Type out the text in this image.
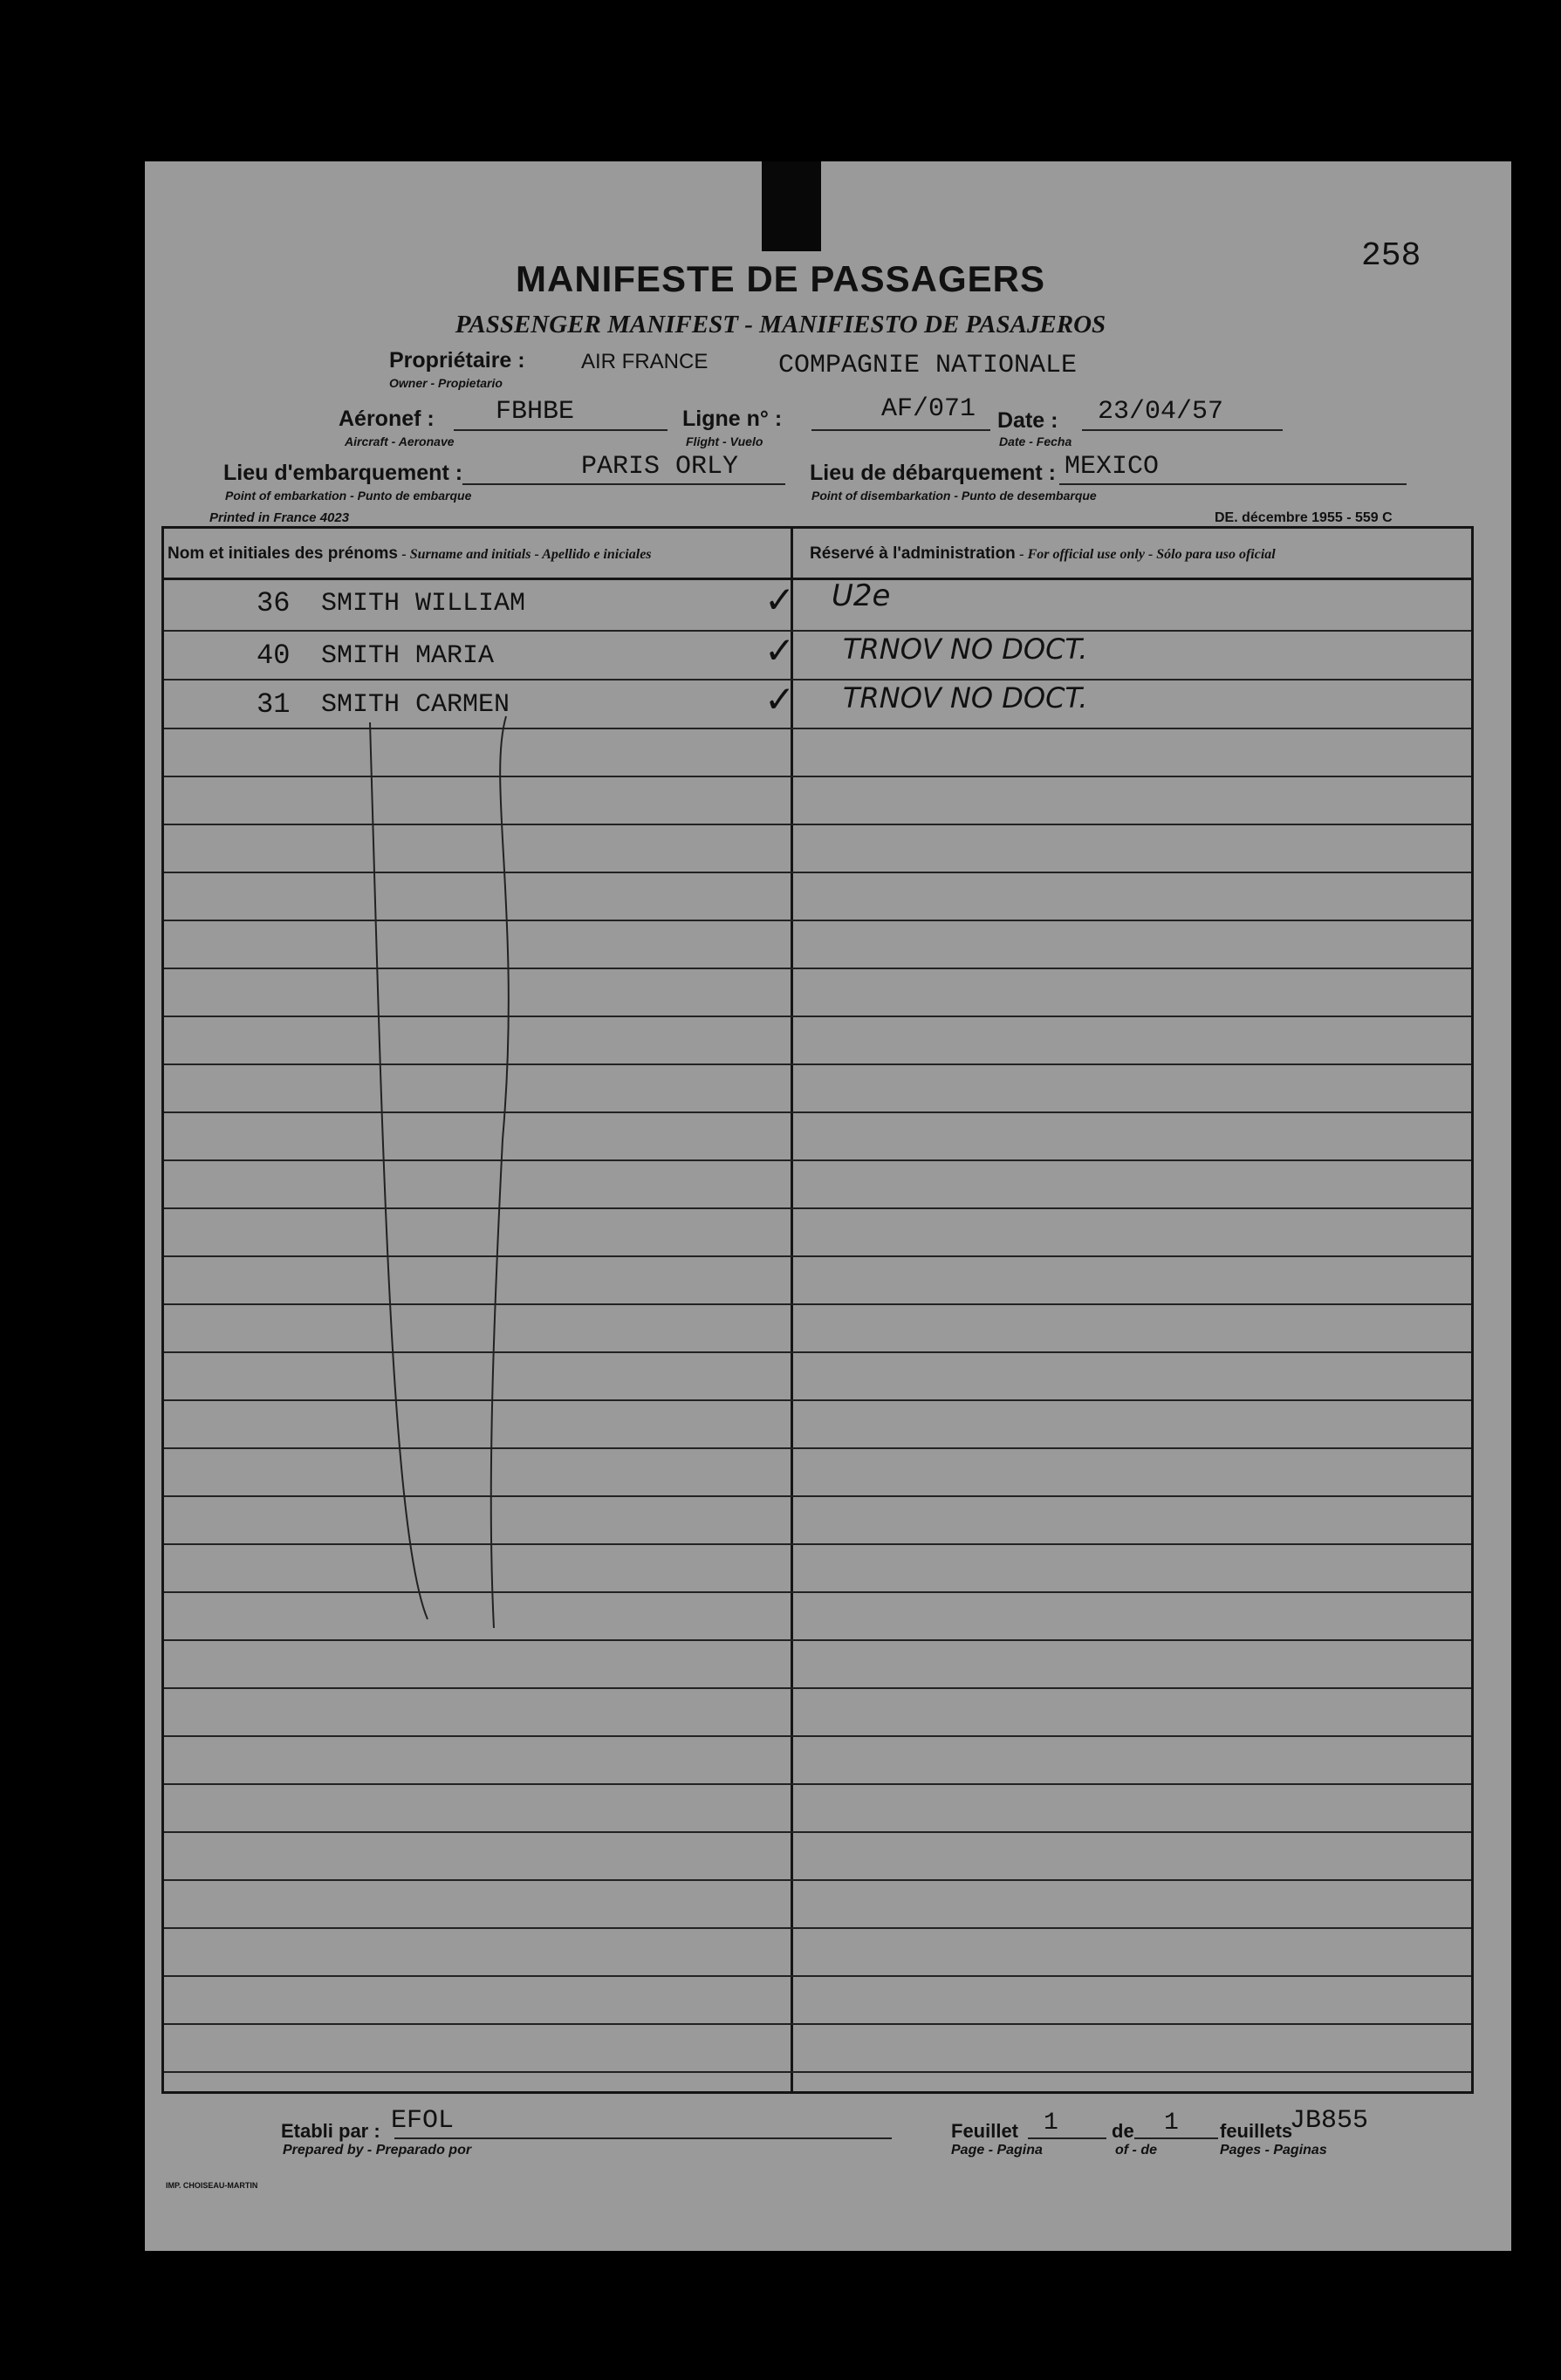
258
MANIFESTE DE PASSAGERS
PASSENGER MANIFEST - MANIFIESTO DE PASAJEROS
Propriétaire :	AIR FRANCE	COMPAGNIE NATIONALE
Owner - Propietario
Aéronef : FBHBE
Aircraft - Aeronave
Ligne n° :	AF/071
Flight - Vuelo
Date : 23/04/57
Date - Fecha
Lieu d'embarquement :	PARIS ORLY
Point of embarkation - Punto de embarque
Lieu de débarquement : MEXICO
Point of disembarkation - Punto de desembarque
Printed in France 4023	DE. décembre 1955 - 559 C
Nom et initiales des prénoms - Surname and initials - Apellido e iniciales	Réservé à l'administration - For official use only - Sólo para uso oficial
36 SMITH WILLIAM	✓ U2e
40 SMITH MARIA	✓ TRNOV NO DOCT.
31 SMITH CARMEN	✓ TRNOV NO DOCT.
Etabli par : EFOL
Prepared by - Preparado por
Feuillet 1
Page - Pagina
de 1
of - de
feuillets
JB855
Pages - Paginas
IMP. CHOISEAU-MARTIN
